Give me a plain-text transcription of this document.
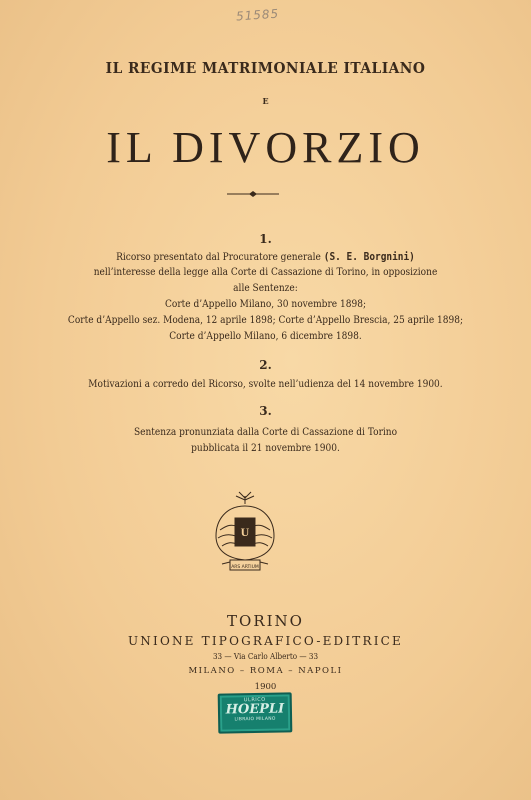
51585
IL REGIME MATRIMONIALE ITALIANO
E
IL DIVORZIO
1.
Ricorso presentato dal Procuratore generale (S. E. Borgnini)
nell’interesse della legge alla Corte di Cassazione di Torino, in opposizione
alle Sentenze:
Corte d’Appello Milano, 30 novembre 1898;
Corte d’Appello sez. Modena, 12 aprile 1898; Corte d’Appello Brescia, 25 aprile 1898;
Corte d’Appello Milano, 6 dicembre 1898.
2.
Motivazioni a corredo del Ricorso, svolte nell’udienza del 14 novembre 1900.
3.
Sentenza pronunziata dalla Corte di Cassazione di Torino
pubblicata il 21 novembre 1900.
U
ARS ARTIUM
TORINO
UNIONE TIPOGRAFICO-EDITRICE
33 — Via Carlo Alberto — 33
MILANO – ROMA – NAPOLI
1900
ULRICO
HOEPLI
LIBRAIO MILANO
